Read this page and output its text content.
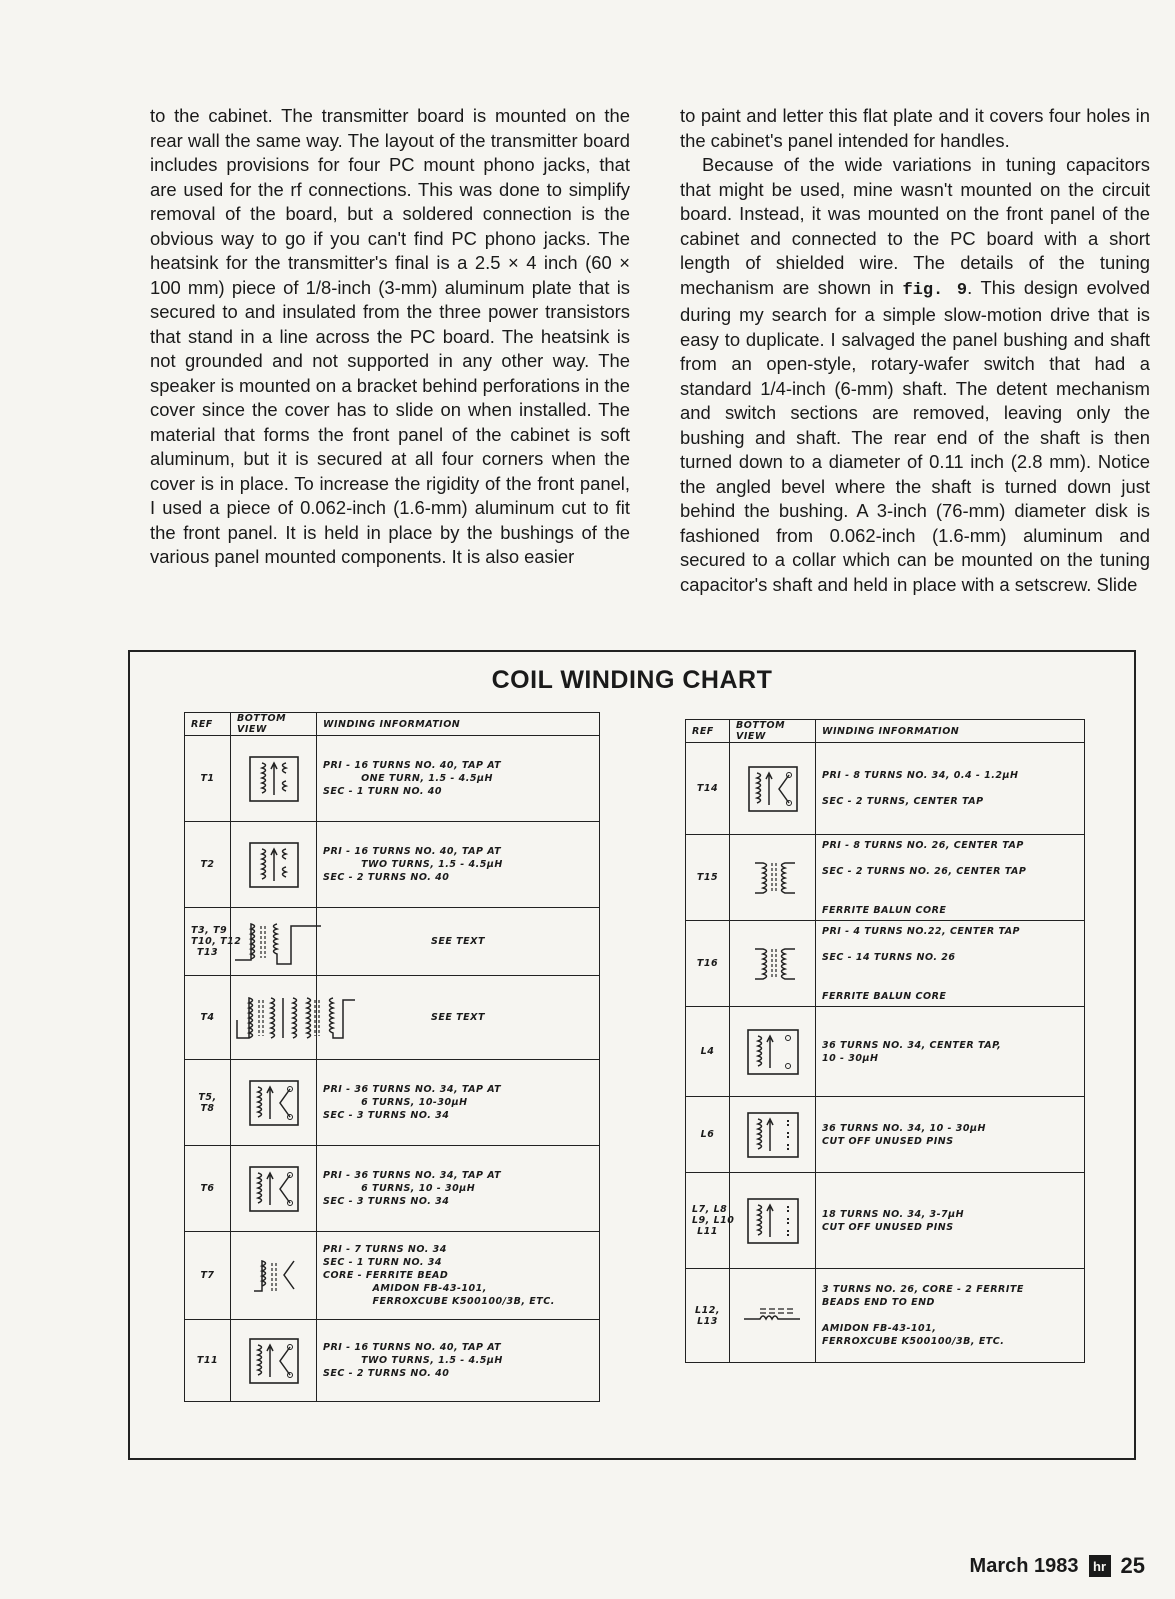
to the cabinet. The transmitter board is mounted on the rear wall the same way. The layout of the transmitter board includes provisions for four PC mount phono jacks, that are used for the rf connections. This was done to simplify removal of the board, but a soldered connection is the obvious way to go if you can't find PC phono jacks. The heatsink for the transmitter's final is a 2.5 × 4 inch (60 × 100 mm) piece of 1/8-inch (3-mm) aluminum plate that is secured to and insulated from the three power transistors that stand in a line across the PC board. The heatsink is not grounded and not supported in any other way. The speaker is mounted on a bracket behind perforations in the cover since the cover has to slide on when installed. The material that forms the front panel of the cabinet is soft aluminum, but it is secured at all four corners when the cover is in place. To increase the rigidity of the front panel, I used a piece of 0.062-inch (1.6-mm) aluminum cut to fit the front panel. It is held in place by the bushings of the various panel mounted components. It is also easier

to paint and letter this flat plate and it covers four holes in the cabinet's panel intended for handles.

Because of the wide variations in tuning capacitors that might be used, mine wasn't mounted on the circuit board. Instead, it was mounted on the front panel of the cabinet and connected to the PC board with a short length of shielded wire. The details of the tuning mechanism are shown in fig. 9. This design evolved during my search for a simple slow-motion drive that is easy to duplicate. I salvaged the panel bushing and shaft from an open-style, rotary-wafer switch that had a standard 1/4-inch (6-mm) shaft. The detent mechanism and switch sections are removed, leaving only the bushing and shaft. The rear end of the shaft is then turned down to a diameter of 0.11 inch (2.8 mm). Notice the angled bevel where the shaft is turned down just behind the bushing. A 3-inch (76-mm) diameter disk is fashioned from 0.062-inch (1.6-mm) aluminum and secured to a collar which can be mounted on the tuning capacitor's shaft and held in place with a setscrew. Slide

COIL WINDING CHART
REF	BOTTOM VIEW	WINDING INFORMATION
T1		PRI - 16 TURNS NO. 40, TAP AT
ONE TURN, 1.5 - 4.5µH
SEC - 1 TURN NO. 40
T2		PRI - 16 TURNS NO. 40, TAP AT
TWO TURNS, 1.5 - 4.5µH
SEC - 2 TURNS NO. 40
T3, T9
T10, T12
T13		SEE TEXT
T4		SEE TEXT
T5,
T8		PRI - 36 TURNS NO. 34, TAP AT
6 TURNS, 10-30µH
SEC - 3 TURNS NO. 34
T6		PRI - 36 TURNS NO. 34, TAP AT
6 TURNS, 10 - 30µH
SEC - 3 TURNS NO. 34
T7		PRI - 7 TURNS NO. 34
SEC - 1 TURN NO. 34
CORE - FERRITE BEAD
AMIDON FB-43-101,
FERROXCUBE K500100/3B, ETC.
T11		PRI - 16 TURNS NO. 40, TAP AT
TWO TURNS, 1.5 - 4.5µH
SEC - 2 TURNS NO. 40
REF	BOTTOM VIEW	WINDING INFORMATION
T14		PRI - 8 TURNS NO. 34, 0.4 - 1.2µH

SEC - 2 TURNS, CENTER TAP
T15		PRI - 8 TURNS NO. 26, CENTER TAP

SEC - 2 TURNS NO. 26, CENTER TAP

FERRITE BALUN CORE
T16		PRI - 4 TURNS NO.22, CENTER TAP

SEC - 14 TURNS NO. 26

FERRITE BALUN CORE
L4		36 TURNS NO. 34, CENTER TAP,
10 - 30µH
L6		36 TURNS NO. 34, 10 - 30µH
CUT OFF UNUSED PINS
L7, L8
L9, L10
L11		18 TURNS NO. 34, 3-7µH
CUT OFF UNUSED PINS
L12,
L13		3 TURNS NO. 26, CORE - 2 FERRITE
BEADS END TO END

AMIDON FB-43-101,
FERROXCUBE K500100/3B, ETC.
March 1983	hr 25
